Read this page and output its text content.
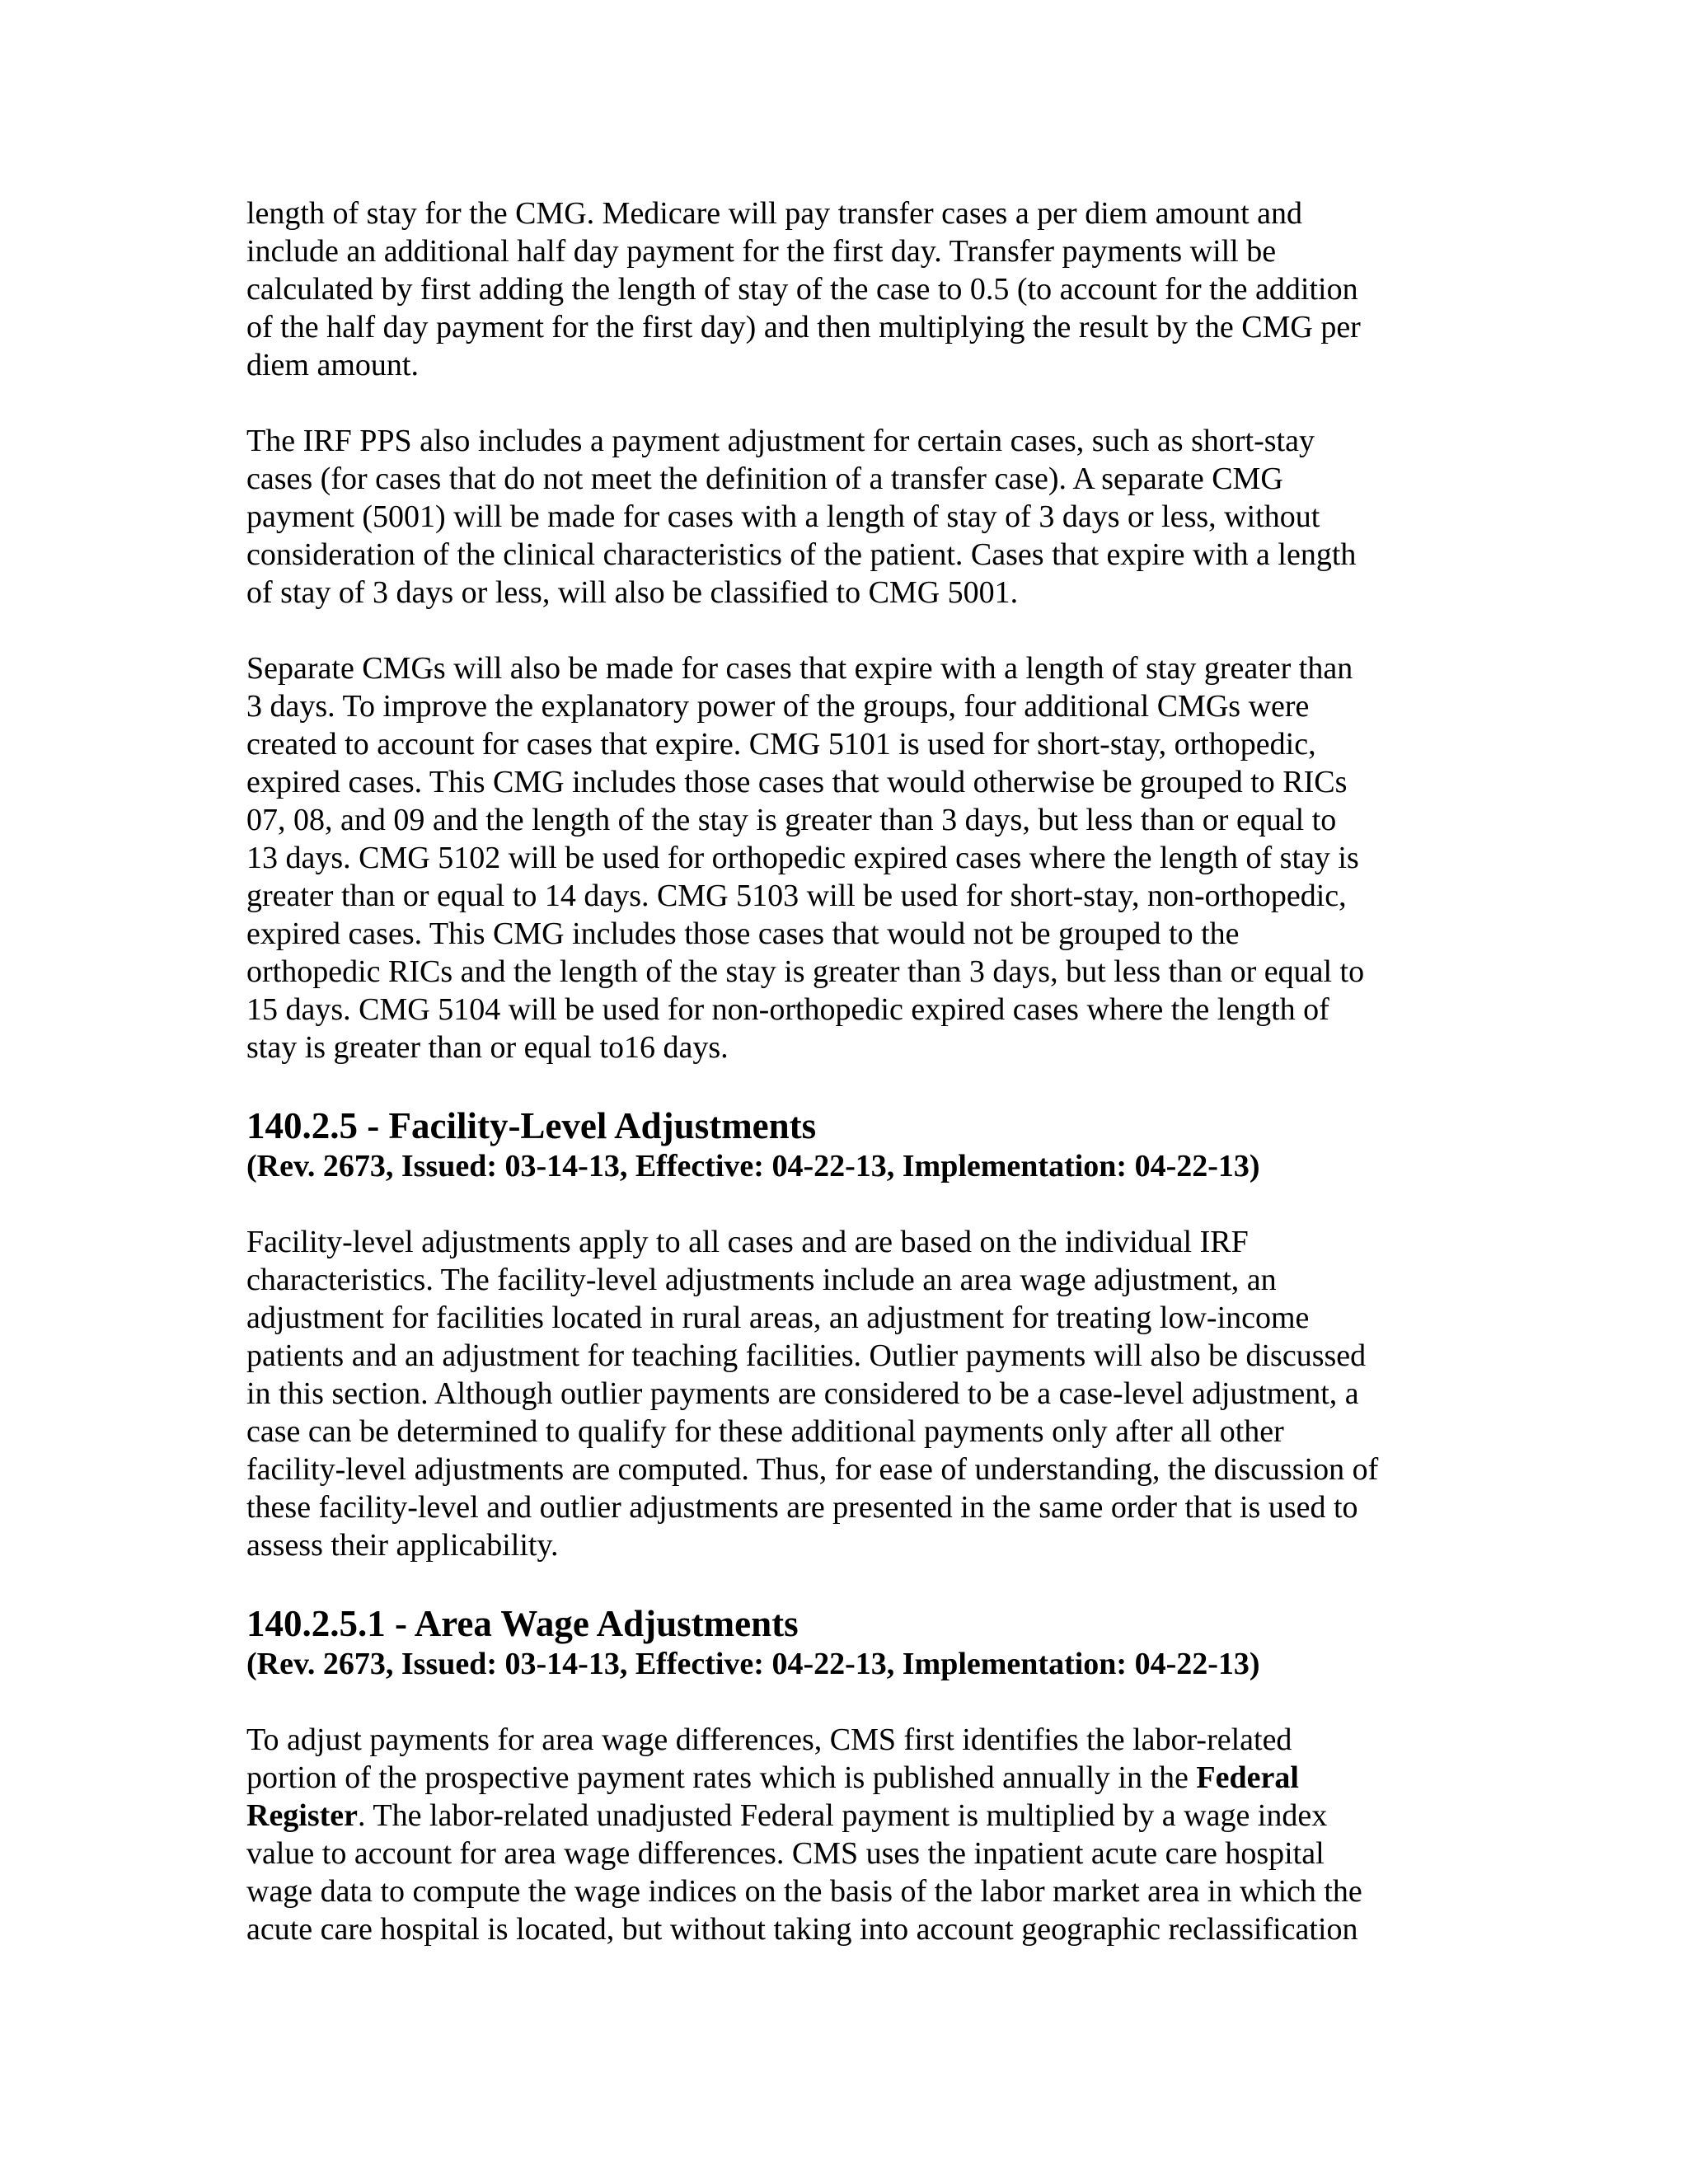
length of stay for the CMG. Medicare will pay transfer cases a per diem amount and
include an additional half day payment for the first day. Transfer payments will be
calculated by first adding the length of stay of the case to 0.5 (to account for the addition
of the half day payment for the first day) and then multiplying the result by the CMG per
diem amount.

The IRF PPS also includes a payment adjustment for certain cases, such as short-stay
cases (for cases that do not meet the definition of a transfer case). A separate CMG
payment (5001) will be made for cases with a length of stay of 3 days or less, without
consideration of the clinical characteristics of the patient. Cases that expire with a length
of stay of 3 days or less, will also be classified to CMG 5001.

Separate CMGs will also be made for cases that expire with a length of stay greater than
3 days. To improve the explanatory power of the groups, four additional CMGs were
created to account for cases that expire. CMG 5101 is used for short-stay, orthopedic,
expired cases. This CMG includes those cases that would otherwise be grouped to RICs
07, 08, and 09 and the length of the stay is greater than 3 days, but less than or equal to
13 days. CMG 5102 will be used for orthopedic expired cases where the length of stay is
greater than or equal to 14 days. CMG 5103 will be used for short-stay, non-orthopedic,
expired cases. This CMG includes those cases that would not be grouped to the
orthopedic RICs and the length of the stay is greater than 3 days, but less than or equal to
15 days. CMG 5104 will be used for non-orthopedic expired cases where the length of
stay is greater than or equal to16 days.

140.2.5 - Facility-Level Adjustments
(Rev. 2673, Issued: 03-14-13, Effective: 04-22-13, Implementation: 04-22-13)

Facility-level adjustments apply to all cases and are based on the individual IRF
characteristics. The facility-level adjustments include an area wage adjustment, an
adjustment for facilities located in rural areas, an adjustment for treating low-income
patients and an adjustment for teaching facilities. Outlier payments will also be discussed
in this section. Although outlier payments are considered to be a case-level adjustment, a
case can be determined to qualify for these additional payments only after all other
facility-level adjustments are computed. Thus, for ease of understanding, the discussion of
these facility-level and outlier adjustments are presented in the same order that is used to
assess their applicability.

140.2.5.1 - Area Wage Adjustments
(Rev. 2673, Issued: 03-14-13, Effective: 04-22-13, Implementation: 04-22-13)

To adjust payments for area wage differences, CMS first identifies the labor-related
portion of the prospective payment rates which is published annually in the Federal
Register. The labor-related unadjusted Federal payment is multiplied by a wage index
value to account for area wage differences. CMS uses the inpatient acute care hospital
wage data to compute the wage indices on the basis of the labor market area in which the
acute care hospital is located, but without taking into account geographic reclassification
